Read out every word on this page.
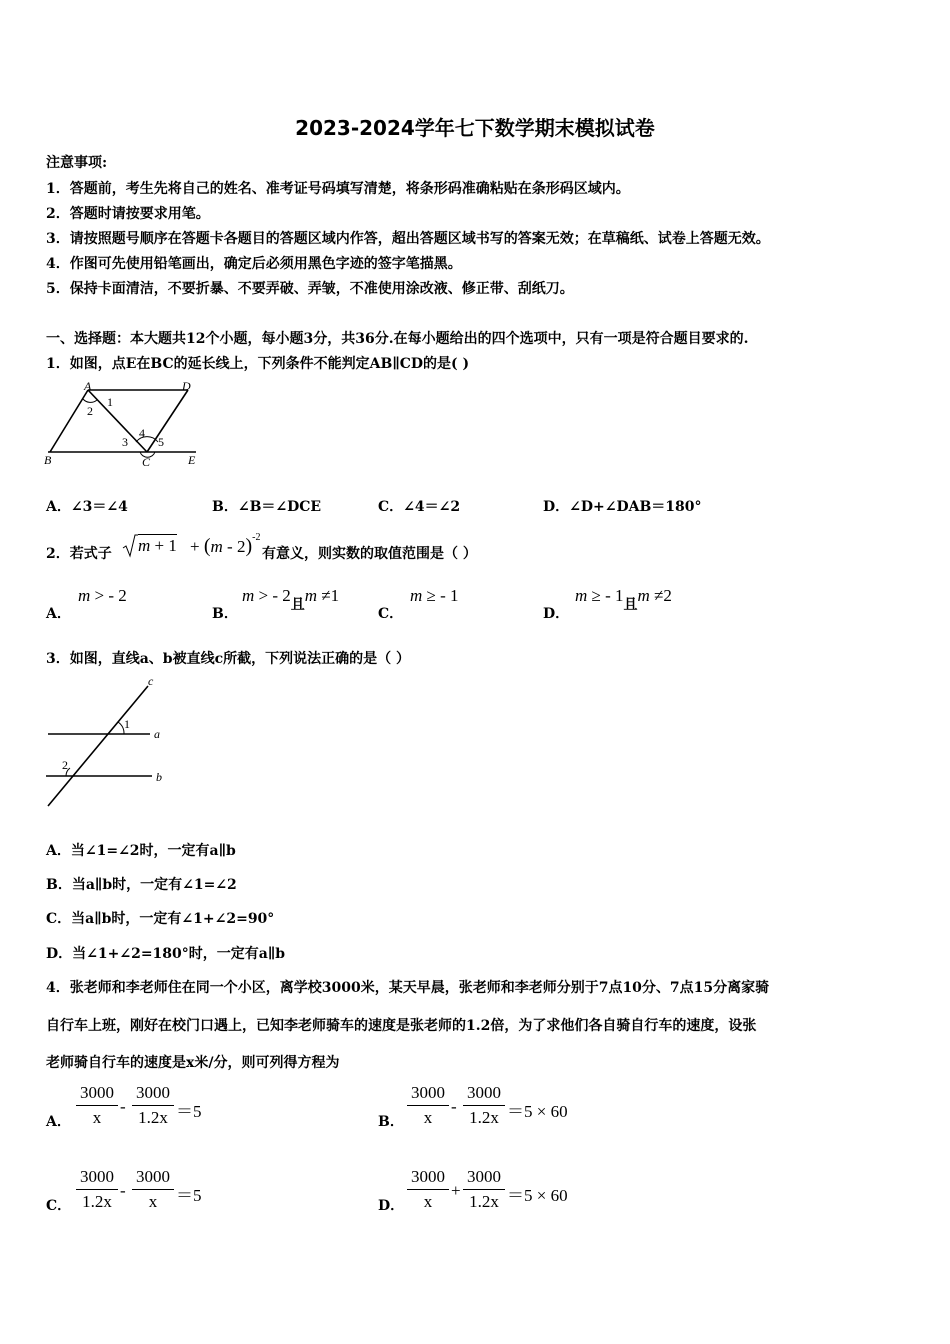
2023-2024学年七下数学期末模拟试卷
注意事项:
1．答题前，考生先将自己的姓名、准考证号码填写清楚，将条形码准确粘贴在条形码区域内。
2．答题时请按要求用笔。
3．请按照题号顺序在答题卡各题目的答题区域内作答，超出答题区域书写的答案无效；在草稿纸、试卷上答题无效。
4．作图可先使用铅笔画出，确定后必须用黑色字迹的签字笔描黑。
5．保持卡面清洁，不要折暴、不要弄破、弄皱，不准使用涂改液、修正带、刮纸刀。
一、选择题：本大题共12个小题，每小题3分，共36分.在每小题给出的四个选项中，只有一项是符合题目要求的.
1．如图，点E在BC的延长线上，下列条件不能判定AB∥CD的是( )
A	D
B	C	E
1
2
3
4
5
A．∠3＝∠4	B．∠B＝∠DCE	C．∠4＝∠2	D．∠D+∠DAB＝180°
2．若式子 m + 1 + (m - 2)$^{-2}$
有意义，则实数的取值范围是（ ）
A．
m > - 2
B．
m > - 2且m ≠1
C．
m ≥ - 1
D．
m ≥ - 1且m ≠2
3．如图，直线a、b被直线c所截，下列说法正确的是（ ）
c
a
b
1
2
A．当∠1=∠2时，一定有a∥b
B．当a∥b时，一定有∠1=∠2
C．当a∥b时，一定有∠1+∠2=90°
D．当∠1+∠2=180°时，一定有a∥b
4．张老师和李老师住在同一个小区，离学校3000米，某天早晨，张老师和李老师分别于7点10分、7点15分离家骑
自行车上班，刚好在校门口遇上，已知李老师骑车的速度是张老师的1.2倍，为了求他们各自骑自行车的速度，设张
老师骑自行车的速度是x米/分，则可列得方程为
A． $\frac{3000}{x} - \frac{3000}{1.2x} =5$
B． $\frac{3000}{x} - \frac{3000}{1.2x} =5 \times 60$
C． $\frac{3000}{1.2x} - \frac{3000}{x} =5$
D． $\frac{3000}{x} + \frac{3000}{1.2x} =5 \times 60$
